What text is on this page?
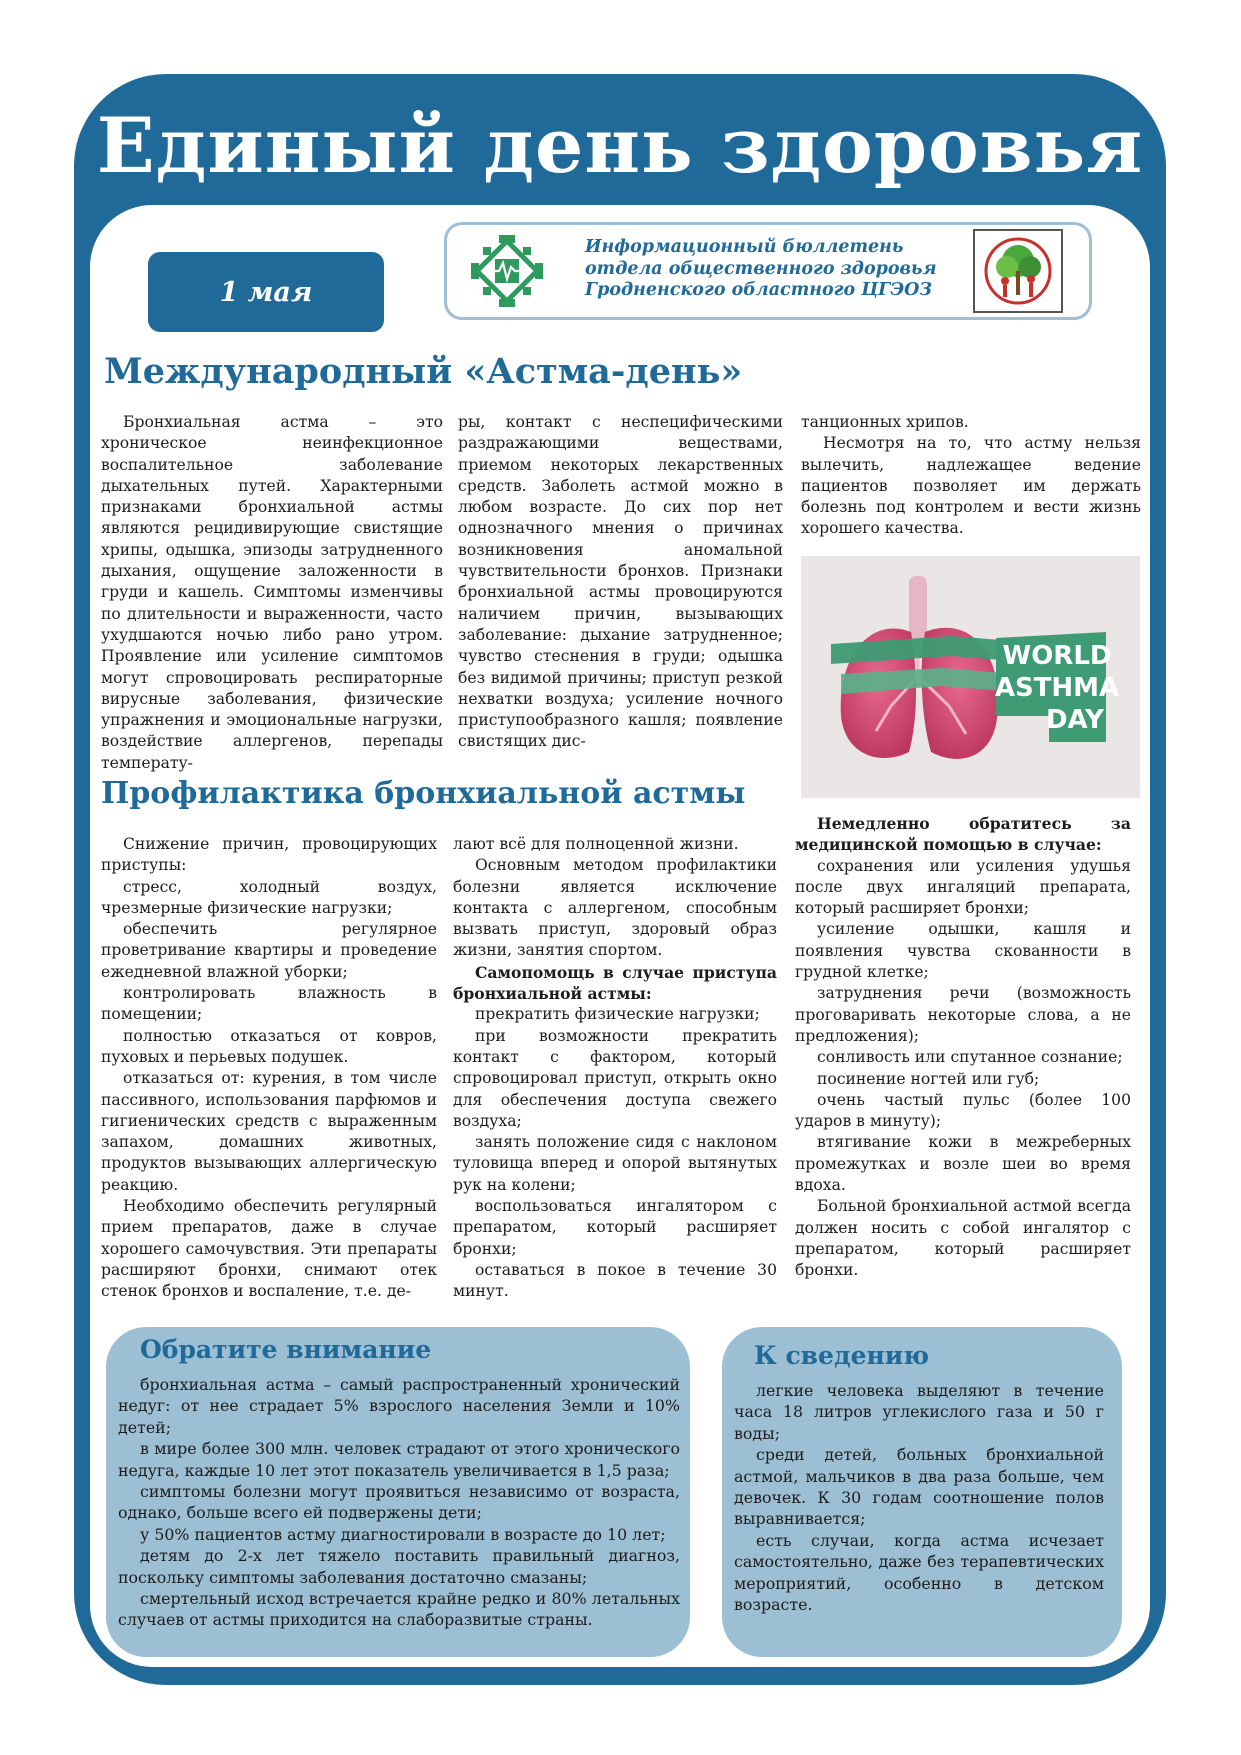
Единый день здоровья
1 мая
Информационный бюллетень
отдела общественного здоровья
Гродненского областного ЦГЭОЗ
Международный «Астма-день»

Бронхиальная астма – это хроническое неинфекционное воспалительное заболевание дыхательных путей. Характерными признаками бронхиальной астмы являются рецидивирующие свистящие хрипы, одышка, эпизоды затрудненного дыхания, ощущение заложенности в груди и кашель. Симптомы изменчивы по длительности и выраженности, часто ухудшаются ночью либо рано утром. Проявление или усиление симптомов могут спровоцировать респираторные вирусные заболевания, физические упражнения и эмоциональные нагрузки, воздействие аллергенов, перепады температу-

ры, контакт с неспецифическими раздражающими веществами, приемом некоторых лекарственных средств. Заболеть астмой можно в любом возрасте. До сих пор нет однозначного мнения о причинах возникновения аномальной чувствительности бронхов. Признаки бронхиальной астмы провоцируются наличием причин, вызывающих заболевание: дыхание затрудненное; чувство стеснения в груди; одышка без видимой причины; приступ резкой нехватки воздуха; усиление ночного приступообразного кашля; появление свистящих дис-

танционных хрипов.

Несмотря на то, что астму нельзя вылечить, надлежащее ведение пациентов позволяет им держать болезнь под контролем и вести жизнь хорошего качества.

WORLD
ASTHMA
DAY
Профилактика бронхиальной астмы

Снижение причин, провоцирующих приступы:

стресс, холодный воздух, чрезмерные физические нагрузки;

обеспечить регулярное проветривание квартиры и проведение ежедневной влажной уборки;

контролировать влажность в помещении;

полностью отказаться от ковров, пуховых и перьевых подушек.

отказаться от: курения, в том числе пассивного, использования парфюмов и гигиенических средств с выраженным запахом, домашних животных, продуктов вызывающих аллергическую реакцию.

Необходимо обеспечить регулярный прием препаратов, даже в случае хорошего самочувствия. Эти препараты расширяют бронхи, снимают отек стенок бронхов и воспаление, т.е. де-

лают всё для полноценной жизни.

Основным методом профилактики болезни является исключение контакта с аллергеном, способным вызвать приступ, здоровый образ жизни, занятия спортом.

Самопомощь в случае приступа бронхиальной астмы:

прекратить физические нагрузки;

при возможности прекратить контакт с фактором, который спровоцировал приступ, открыть окно для обеспечения доступа свежего воздуха;

занять положение сидя с наклоном туловища вперед и опорой вытянутых рук на колени;

воспользоваться ингалятором с препаратом, который расширяет бронхи;

оставаться в покое в течение 30 минут.

Немедленно обратитесь за медицинской помощью в случае:

сохранения или усиления удушья после двух ингаляций препарата, который расширяет бронхи;

усиление одышки, кашля и появления чувства скованности в грудной клетке;

затруднения речи (возможность проговаривать некоторые слова, а не предложения);

сонливость или спутанное сознание;

посинение ногтей или губ;

очень частый пульс (более 100 ударов в минуту);

втягивание кожи в межреберных промежутках и возле шеи во время вдоха.

Больной бронхиальной астмой всегда должен носить с собой ингалятор с препаратом, который расширяет бронхи.

Обратите внимание

бронхиальная астма – самый распространенный хронический недуг: от нее страдает 5% взрослого населения Земли и 10% детей;

в мире более 300 млн. человек страдают от этого хронического недуга, каждые 10 лет этот показатель увеличивается в 1,5 раза;

симптомы болезни могут проявиться независимо от возраста, однако, больше всего ей подвержены дети;

у 50% пациентов астму диагностировали в возрасте до 10 лет;

детям до 2-х лет тяжело поставить правильный диагноз, поскольку симптомы заболевания достаточно смазаны;

смертельный исход встречается крайне редко и 80% летальных случаев от астмы приходится на слаборазвитые страны.

К сведению

легкие человека выделяют в течение часа 18 литров углекислого газа и 50 г воды;

среди детей, больных бронхиальной астмой, мальчиков в два раза больше, чем девочек. К 30 годам соотношение полов выравнивается;

есть случаи, когда астма исчезает самостоятельно, даже без терапевтических мероприятий, особенно в детском возрасте.
